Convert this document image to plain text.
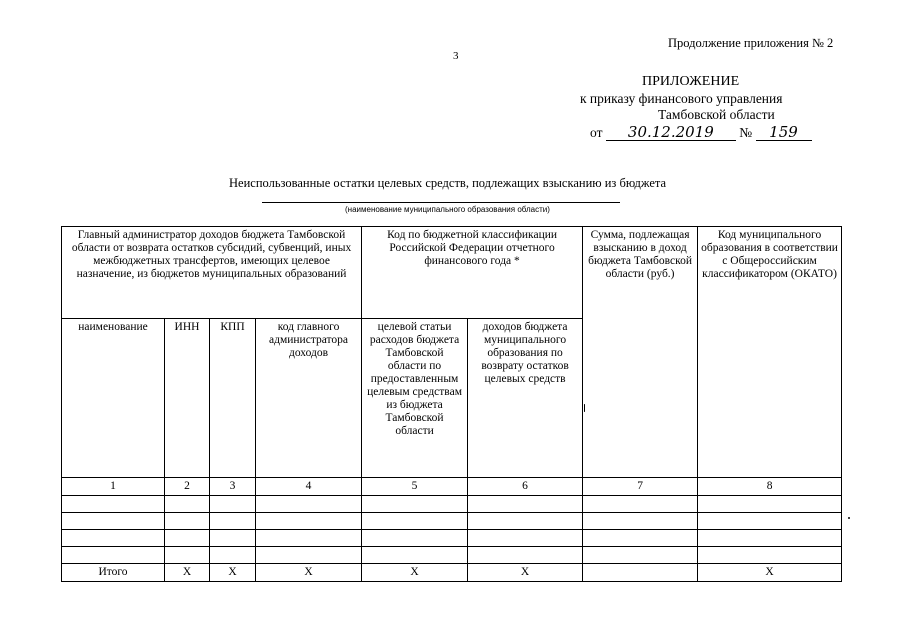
Продолжение приложения № 2
3
ПРИЛОЖЕНИЕ
к приказу финансового управления
Тамбовской области
от 30.12.2019 № 159
Неиспользованные остатки целевых средств, подлежащих взысканию из бюджета
(наименование муниципального образования области)
Главный администратор доходов бюджета Тамбовской области от возврата остатков субсидий, субвенций, иных межбюджетных трансфертов, имеющих целевое назначение, из бюджетов муниципальных образований				Код по бюджетной классификации Российской Федерации отчетного финансового года *		Сумма, подлежащая взысканию в доход бюджета Тамбовской области (руб.)	Код муниципального образования в соответствии с Общероссийским классификатором (ОКАТО)
наименование	ИНН	КПП	код главного администратора доходов	целевой статьи расходов бюджета Тамбовской области по предоставленным целевым средствам из бюджета Тамбовской области	доходов бюджета муниципального образования по возврату остатков целевых средств		
1	2	3	4	5	6	7	8

Итого	X	X	X	X	X		X
